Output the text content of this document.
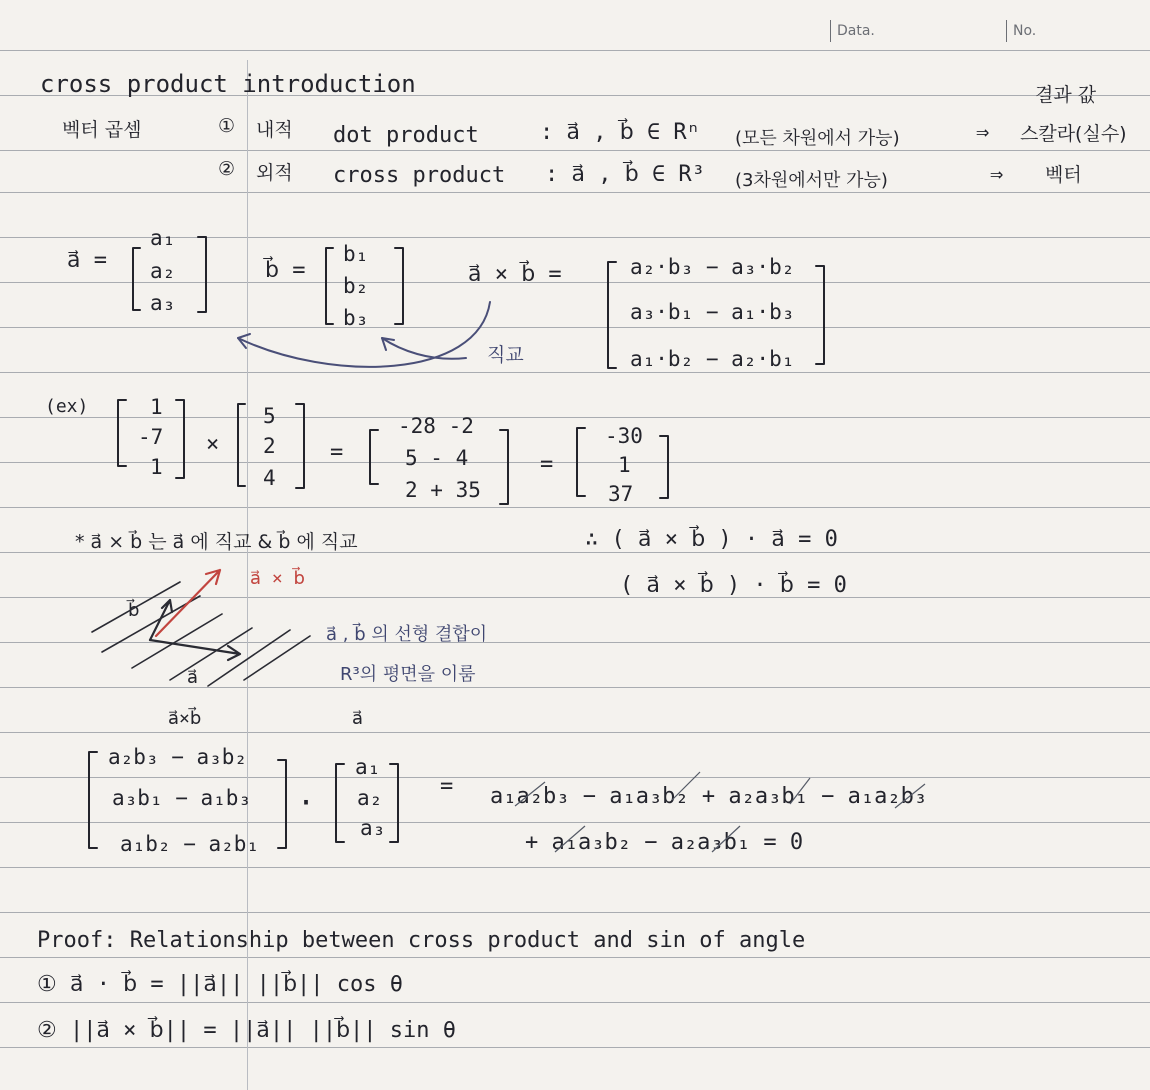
Data.	No.
cross product introduction	결과 값
벡터 곱셈	① 내적 dot product	: a⃗ , b⃗ ∈ Rⁿ (모든 차원에서 가능)	⇒ 스칼라(실수)
② 외적 cross product : a⃗ , b⃗ ∈ R³ (3차원에서만 가능)	⇒ 벡터
a⃗ =
a₁
a₂
a₃
b⃗ =
b₁
b₂
b₃
a⃗ × b⃗ =	a₂·b₃ − a₃·b₂
a₃·b₁ − a₁·b₃
a₁·b₂ − a₂·b₁
직교
(ex)	1
-7
1
×
5
2
4
=
-28 -2
5 - 4
2 + 35
=
-30
1
37
* a⃗ × b⃗ 는 a⃗ 에 직교 & b⃗ 에 직교	∴ ( a⃗ × b⃗ ) · a⃗ = 0
( a⃗ × b⃗ ) · b⃗ = 0
a⃗ × b⃗
b⃗
a⃗
a⃗ , b⃗ 의 선형 결합이
R³의 평면을 이룸
a⃗×b⃗	a⃗
a₂b₃ − a₃b₂
a₃b₁ − a₁b₃
a₁b₂ − a₂b₁
·
a₁
a₂
a₃
= a₁a₂b₃ − a₁a₃b₂ + a₂a₃b₁ − a₁a₂b₃
+ a₁a₃b₂ − a₂a₃b₁ = 0
Proof: Relationship between cross product and sin of angle
① a⃗ · b⃗ = ||a⃗|| ||b⃗|| cos θ
② ||a⃗ × b⃗|| = ||a⃗|| ||b⃗|| sin θ
